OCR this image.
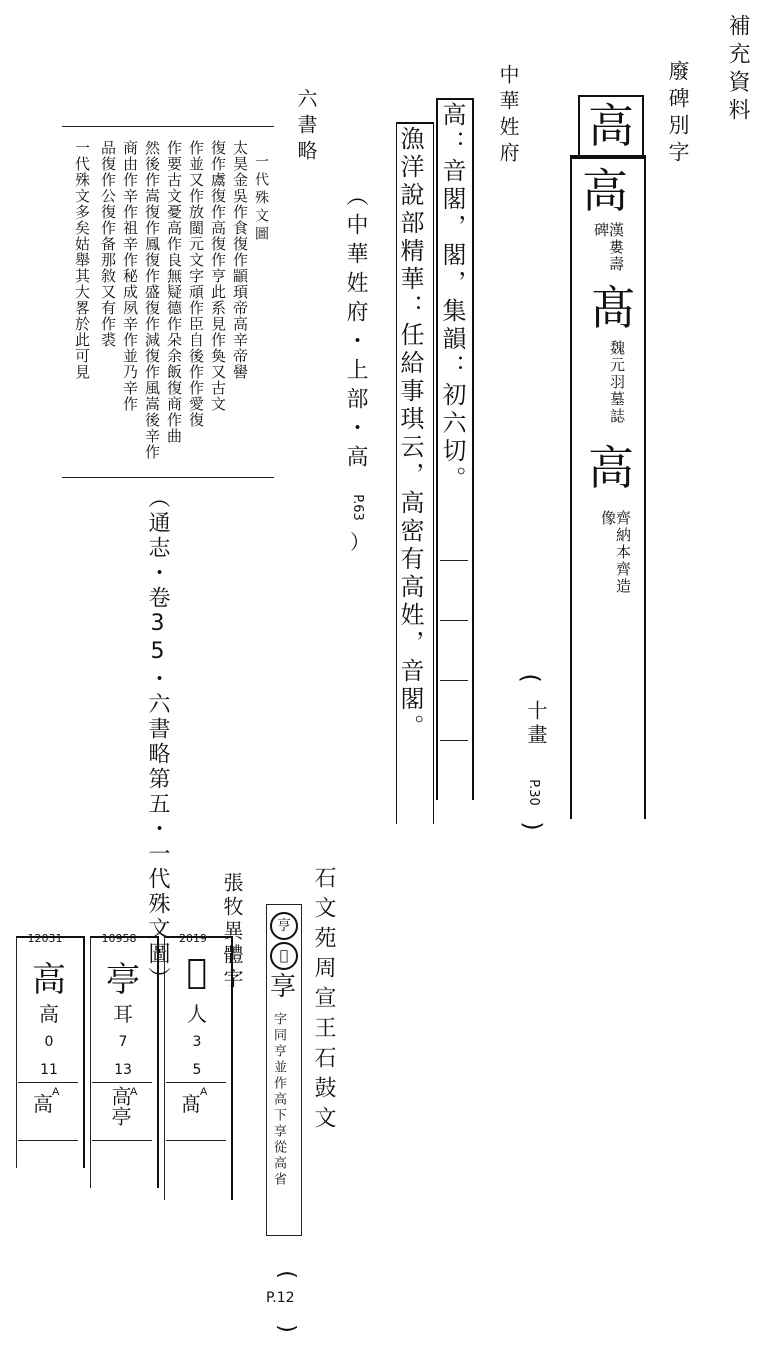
補充資料
廢碑別字
高
高
漢婁壽碑
髙
魏元羽墓誌
高
齊納本齊造像
(
十畫
P.30
)
中華姓府
高：音閣，閣，集韻：初六切。
漁洋說部精華：任給事琪云，高密有高姓，音閣。
（中華姓府・上部・高
P.63
）
六書略
一代殊文圖
太昊金吳作食復作顓頊帝高辛帝嚳
復作鬳復作高復作亨此系見作奐又古文
作並又作放閩元文字頑作臣自後作作愛復
作要古文憂高作良無疑德作朵余飯復商作曲
然後作嵩復作鳳復作盛復作減復作風嵩後辛作
商由作辛作祖辛作秘成夙辛作並乃辛作
品復作公復作备那敘又有作裘
一代殊文多矣姑舉其大畧於此可見
（通志・卷35・六書略第五・一代殊文圖）
石文苑周宣王石鼓文
亨
𠅏
享
字同亨並作高下享從高省
(
P.12
)
張牧異體字
2019
𠆭
人
3
5
髙 A
10958
亭
耳
7
13
高亭
A
12031
高
高
0
11
高 A
